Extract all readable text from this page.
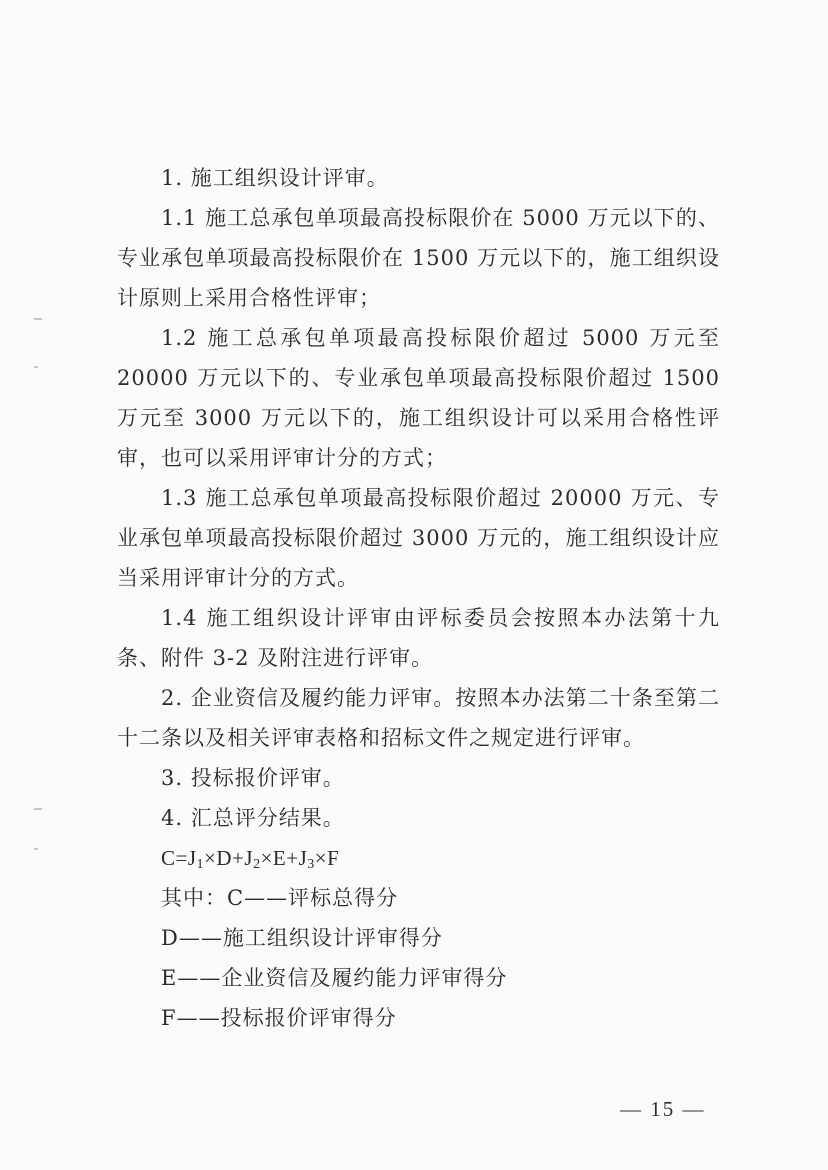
1. 施工组织设计评审。

1.1 施工总承包单项最高投标限价在 5000 万元以下的、专业承包单项最高投标限价在 1500 万元以下的，施工组织设计原则上采用合格性评审；

1.2 施工总承包单项最高投标限价超过 5000 万元至 20000 万元以下的、专业承包单项最高投标限价超过 1500 万元至 3000 万元以下的，施工组织设计可以采用合格性评审，也可以采用评审计分的方式；

1.3 施工总承包单项最高投标限价超过 20000 万元、专业承包单项最高投标限价超过 3000 万元的，施工组织设计应当采用评审计分的方式。

1.4 施工组织设计评审由评标委员会按照本办法第十九条、附件 3-2 及附注进行评审。

2. 企业资信及履约能力评审。按照本办法第二十条至第二十二条以及相关评审表格和招标文件之规定进行评审。

3. 投标报价评审。

4. 汇总评分结果。

$C=J_1\times D+J_2\times E+J_3\times F$

其中：C——评标总得分

D——施工组织设计评审得分

E——企业资信及履约能力评审得分

F——投标报价评审得分

— 15 —
